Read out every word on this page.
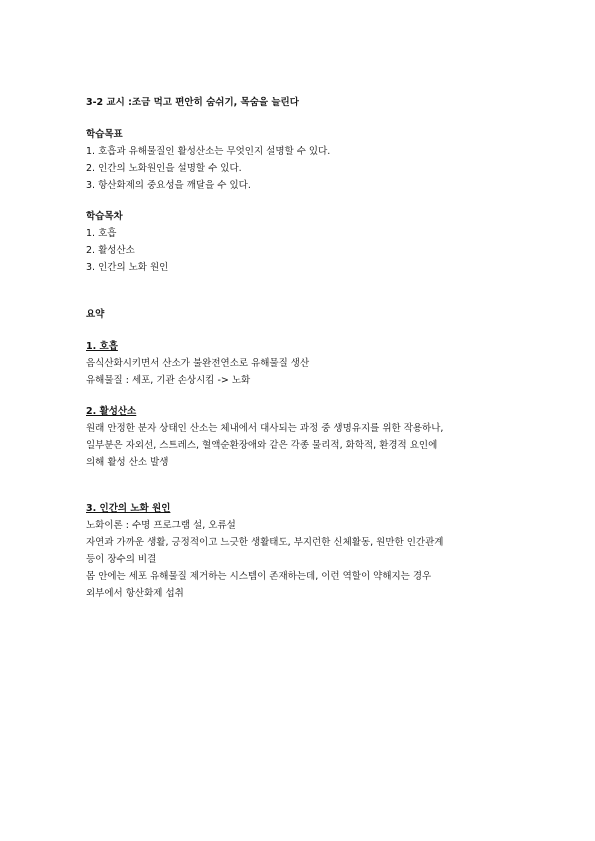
3-2 교시 :조금 먹고 편안히 숨쉬기, 목숨을 늘린다
학습목표
1. 호흡과 유해물질인 활성산소는 무엇인지 설명할 수 있다.
2. 인간의 노화원인을 설명할 수 있다.
3. 항산화제의 중요성을 깨달을 수 있다.
학습목차
1. 호흡
2. 활성산소
3. 인간의 노화 원인
요약
1. 호흡
음식산화시키면서 산소가 불완전연소로 유해물질 생산
유해물질 : 세포, 기관 손상시킴 -> 노화
2. 활성산소
원래 안정한 분자 상태인 산소는 체내에서 대사되는 과정 중 생명유지를 위한 작용하나,
일부분은 자외선, 스트레스, 혈액순환장애와 같은 각종 물리적, 화학적, 환경적 요인에
의해 활성 산소 발생
3. 인간의 노화 원인
노화이론 : 수명 프로그램 설, 오류설
자연과 가까운 생활, 긍정적이고 느긋한 생활태도, 부지런한 신체활동, 원만한 인간관계
등이 장수의 비결
몸 안에는 세포 유해물질 제거하는 시스템이 존재하는데, 이런 역할이 약해지는 경우
외부에서 항산화제 섭취
